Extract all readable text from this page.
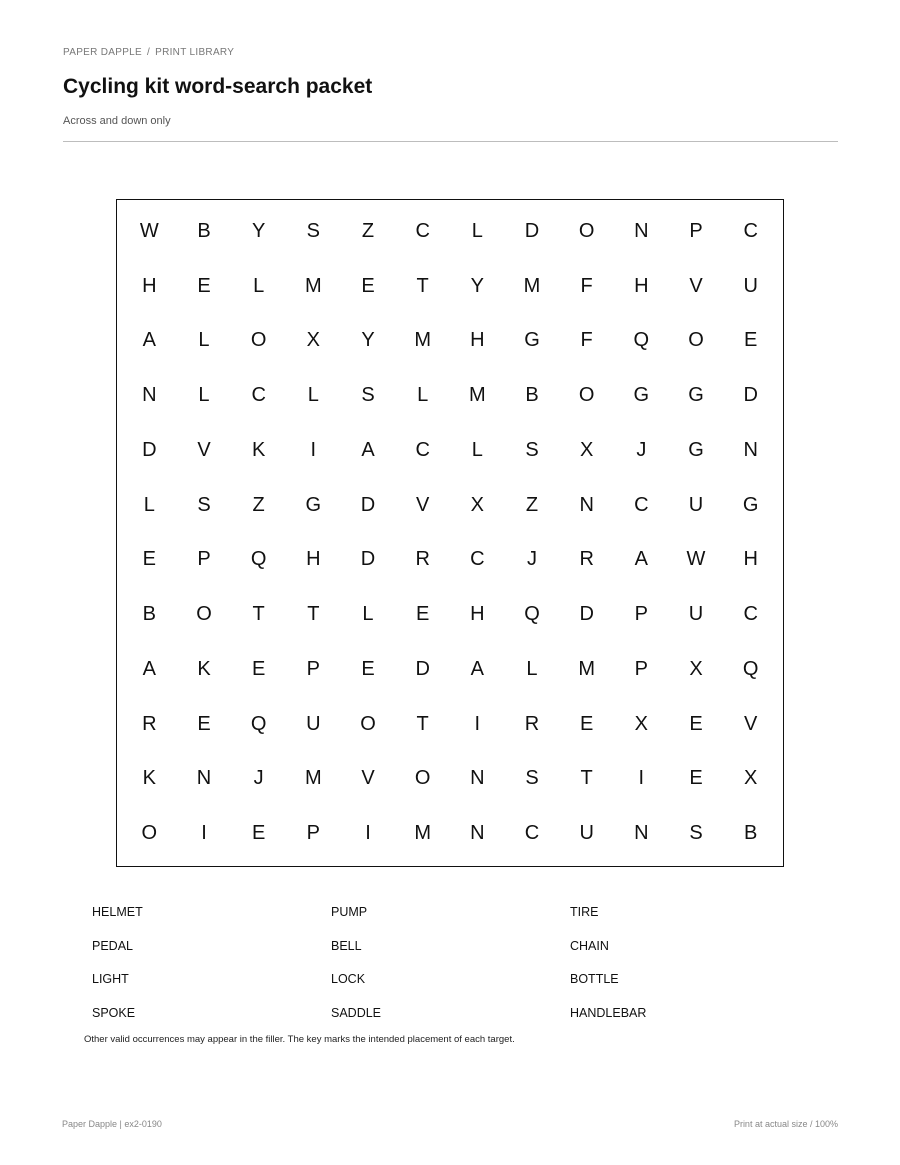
PAPER DAPPLE / PRINT LIBRARY
Cycling kit word-search packet
Across and down only
W	B	Y	S	Z	C	L	D	O	N	P	C
H	E	L	M	E	T	Y	M	F	H	V	U
A	L	O	X	Y	M	H	G	F	Q	O	E
N	L	C	L	S	L	M	B	O	G	G	D
D	V	K	I	A	C	L	S	X	J	G	N
L	S	Z	G	D	V	X	Z	N	C	U	G
E	P	Q	H	D	R	C	J	R	A	W	H
B	O	T	T	L	E	H	Q	D	P	U	C
A	K	E	P	E	D	A	L	M	P	X	Q
R	E	Q	U	O	T	I	R	E	X	E	V
K	N	J	M	V	O	N	S	T	I	E	X
O	I	E	P	I	M	N	C	U	N	S	B
HELMET	PUMP	TIRE
PEDAL	BELL	CHAIN
LIGHT	LOCK	BOTTLE
SPOKE	SADDLE	HANDLEBAR
Other valid occurrences may appear in the filler. The key marks the intended placement of each target.
Paper Dapple | ex2-0190	Print at actual size / 100%
